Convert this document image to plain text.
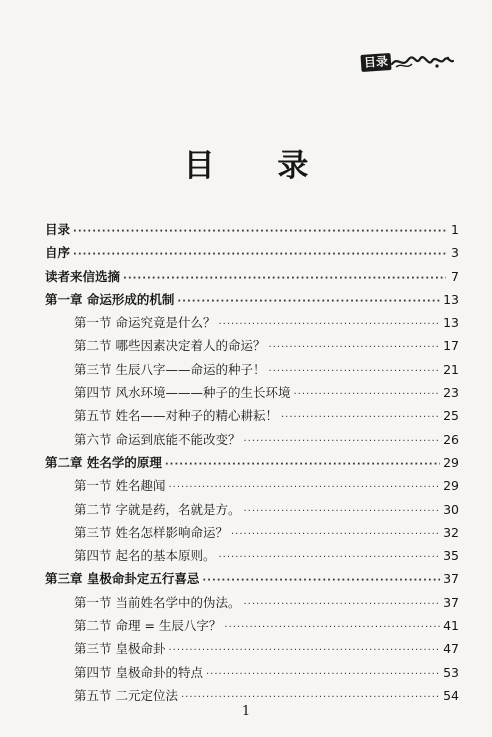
目录
目 录
目录 ·····	1
自序 ·····	3
读者来信选摘 ·····	7
第一章 命运形成的机制 ·····	13
第一节 命运究竟是什么？ ·····	13
第二节 哪些因素决定着人的命运？ ·····	17
第三节 生辰八字——命运的种子！ ·····	21
第四节 风水环境———种子的生长环境 ·····	23
第五节 姓名——对种子的精心耕耘！ ·····	25
第六节 命运到底能不能改变？ ·····	26
第二章 姓名学的原理 ·····	29
第一节 姓名趣闻 ·····	29
第二节 字就是药，名就是方。 ·····	30
第三节 姓名怎样影响命运？ ·····	32
第四节 起名的基本原则。 ·····	35
第三章 皇极命卦定五行喜忌 ·····	37
第一节 当前姓名学中的伪法。 ·····	37
第二节 命理 = 生辰八字？ ·····	41
第三节 皇极命卦 ·····	47
第四节 皇极命卦的特点 ·····	53
第五节 二元定位法 ·····	54
1
